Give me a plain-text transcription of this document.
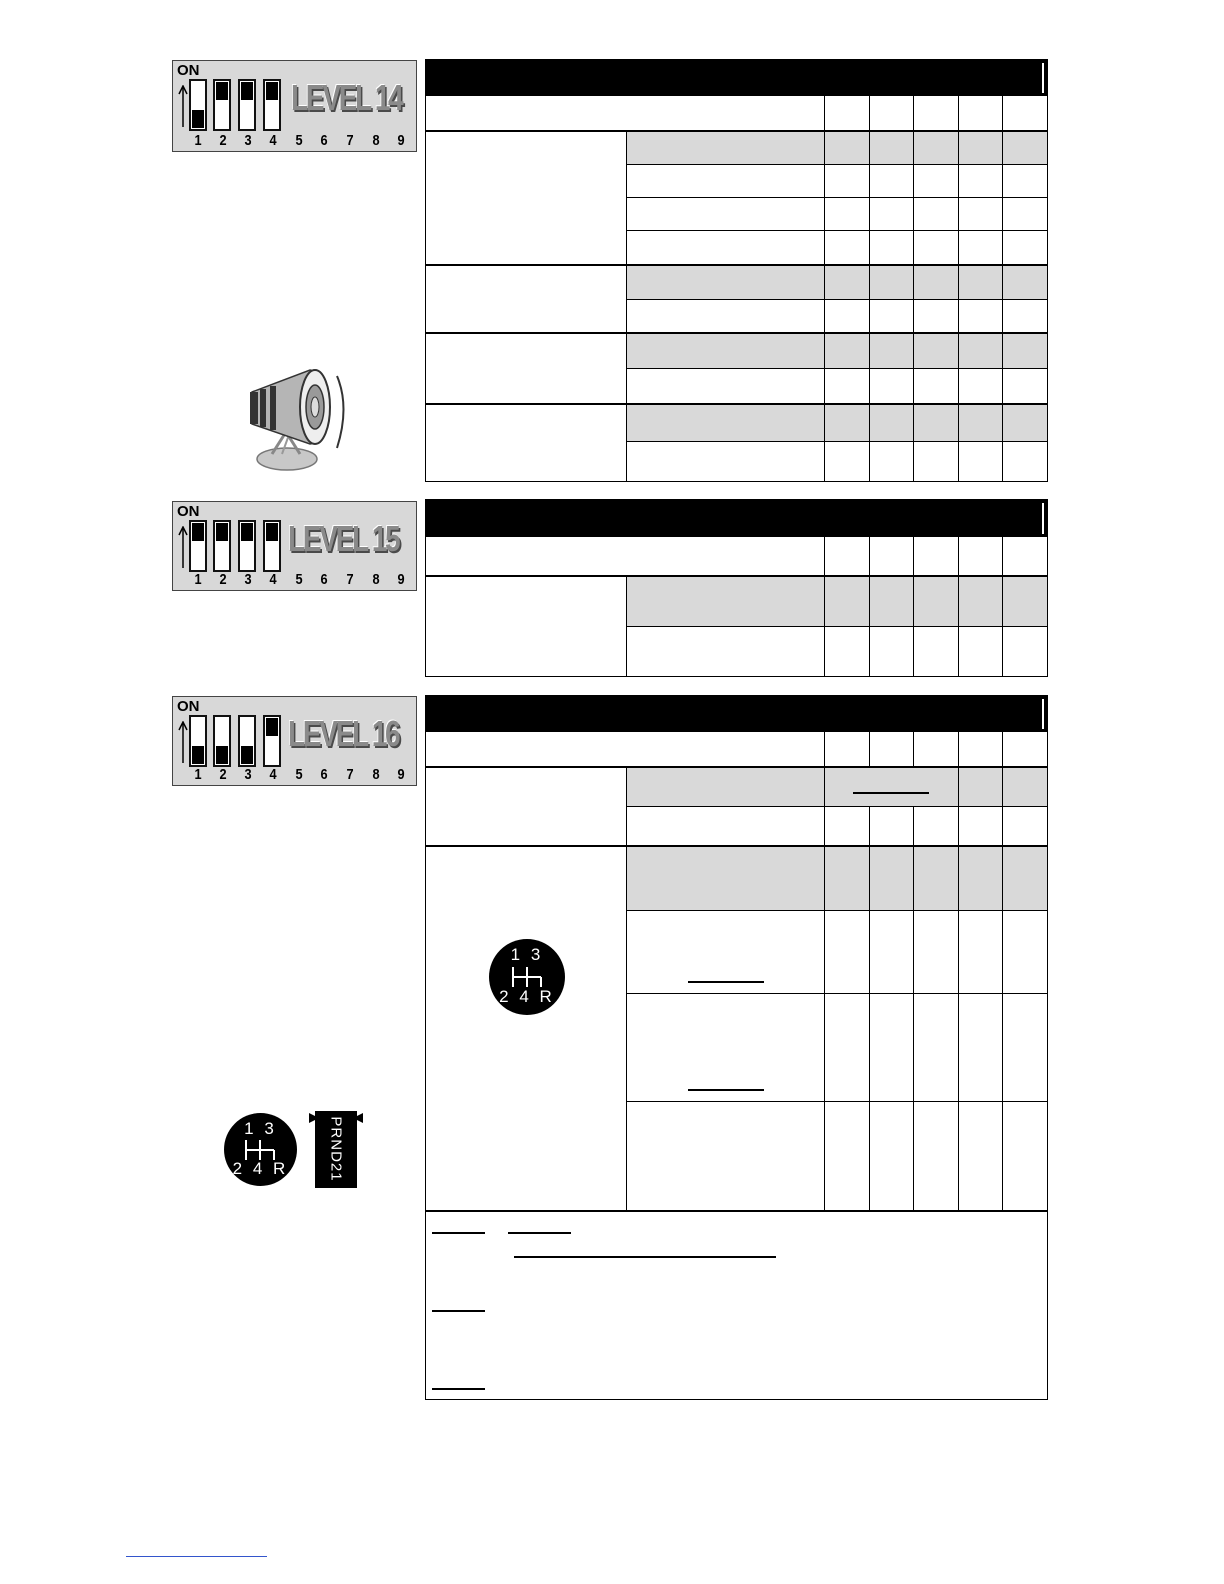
ON
LEVEL 14
1 2 3 4 5 6 7 8 9
ON
LEVEL 15
1 2 3 4 5 6 7 8 9
ON
LEVEL 16
1 2 3 4 5 6 7 8 9
1 3
2 4 R
1 3
2 4 R	PRND21
